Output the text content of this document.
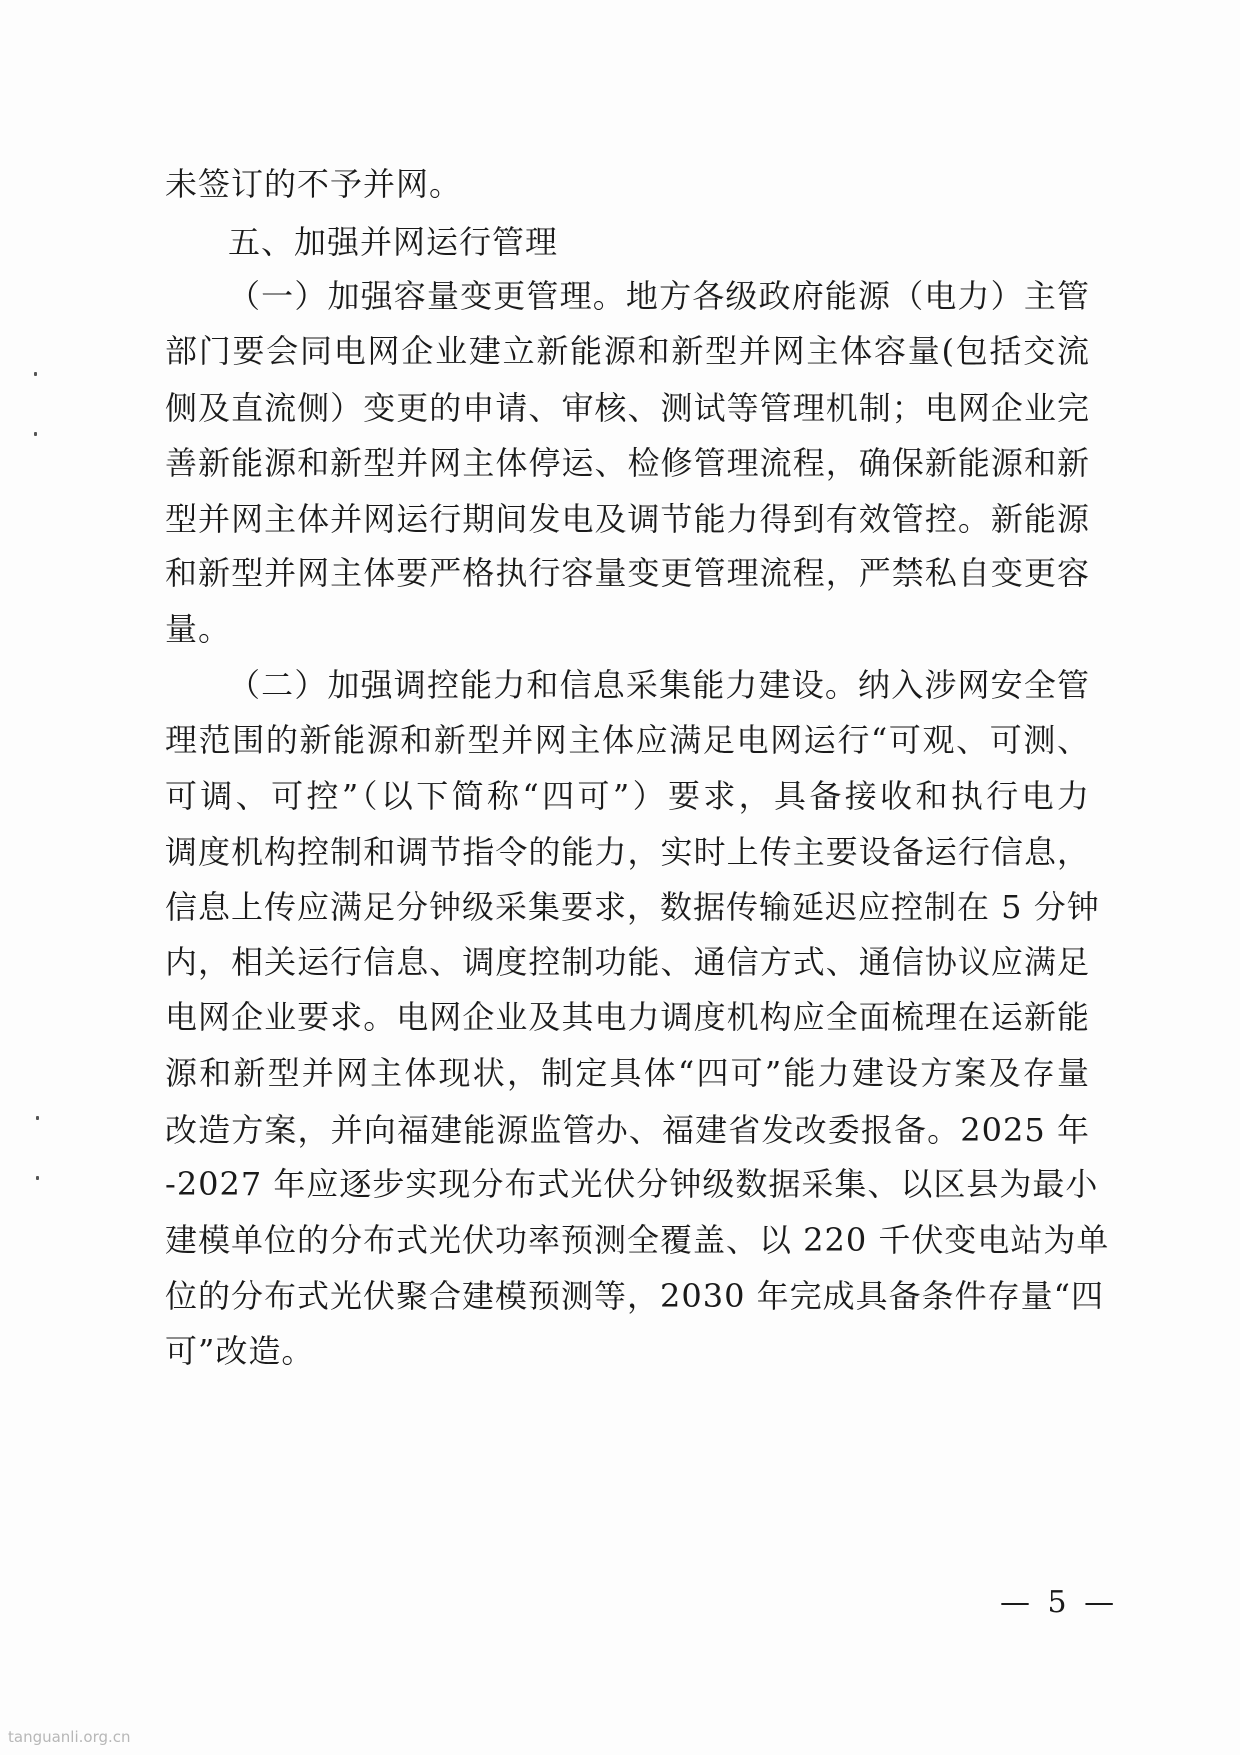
未签订的不予并网。
五、加强并网运行管理
（一）加强容量变更管理。地方各级政府能源（电力）主管
部门要会同电网企业建立新能源和新型并网主体容量(包括交流
侧及直流侧）变更的申请、审核、测试等管理机制；电网企业完
善新能源和新型并网主体停运、检修管理流程，确保新能源和新
型并网主体并网运行期间发电及调节能力得到有效管控。新能源
和新型并网主体要严格执行容量变更管理流程，严禁私自变更容
量。
（二）加强调控能力和信息采集能力建设。纳入涉网安全管
理范围的新能源和新型并网主体应满足电网运行“可观、可测、
可调、可控”（以下简称“四可”）要求，具备接收和执行电力
调度机构控制和调节指令的能力，实时上传主要设备运行信息，
信息上传应满足分钟级采集要求，数据传输延迟应控制在 5 分钟
内，相关运行信息、调度控制功能、通信方式、通信协议应满足
电网企业要求。电网企业及其电力调度机构应全面梳理在运新能
源和新型并网主体现状，制定具体“四可”能力建设方案及存量
改造方案，并向福建能源监管办、福建省发改委报备。2025 年
-2027 年应逐步实现分布式光伏分钟级数据采集、以区县为最小
建模单位的分布式光伏功率预测全覆盖、以 220 千伏变电站为单
位的分布式光伏聚合建模预测等，2030 年完成具备条件存量“四
可”改造。
— 5 —
tanguanli.org.cn
